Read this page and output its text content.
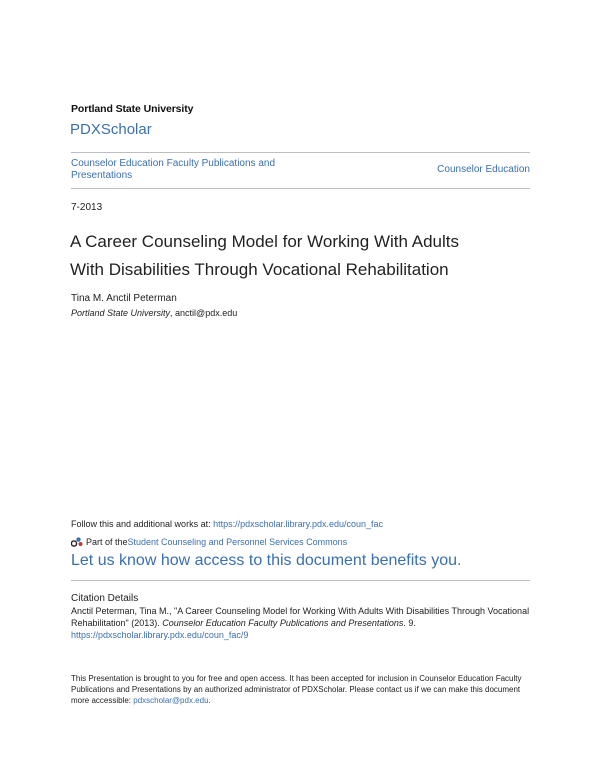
Portland State University
PDXScholar
Counselor Education Faculty Publications and Presentations	Counselor Education
7-2013
A Career Counseling Model for Working With Adults
With Disabilities Through Vocational Rehabilitation
Tina M. Anctil Peterman
Portland State University, anctil@pdx.edu
Follow this and additional works at: https://pdxscholar.library.pdx.edu/coun_fac
Part of the Student Counseling and Personnel Services Commons
Let us know how access to this document benefits you.
Citation Details
Anctil Peterman, Tina M., "A Career Counseling Model for Working With Adults With Disabilities Through Vocational Rehabilitation" (2013). Counselor Education Faculty Publications and Presentations. 9.
https://pdxscholar.library.pdx.edu/coun_fac/9
This Presentation is brought to you for free and open access. It has been accepted for inclusion in Counselor Education Faculty Publications and Presentations by an authorized administrator of PDXScholar. Please contact us if we can make this document more accessible: pdxscholar@pdx.edu.
